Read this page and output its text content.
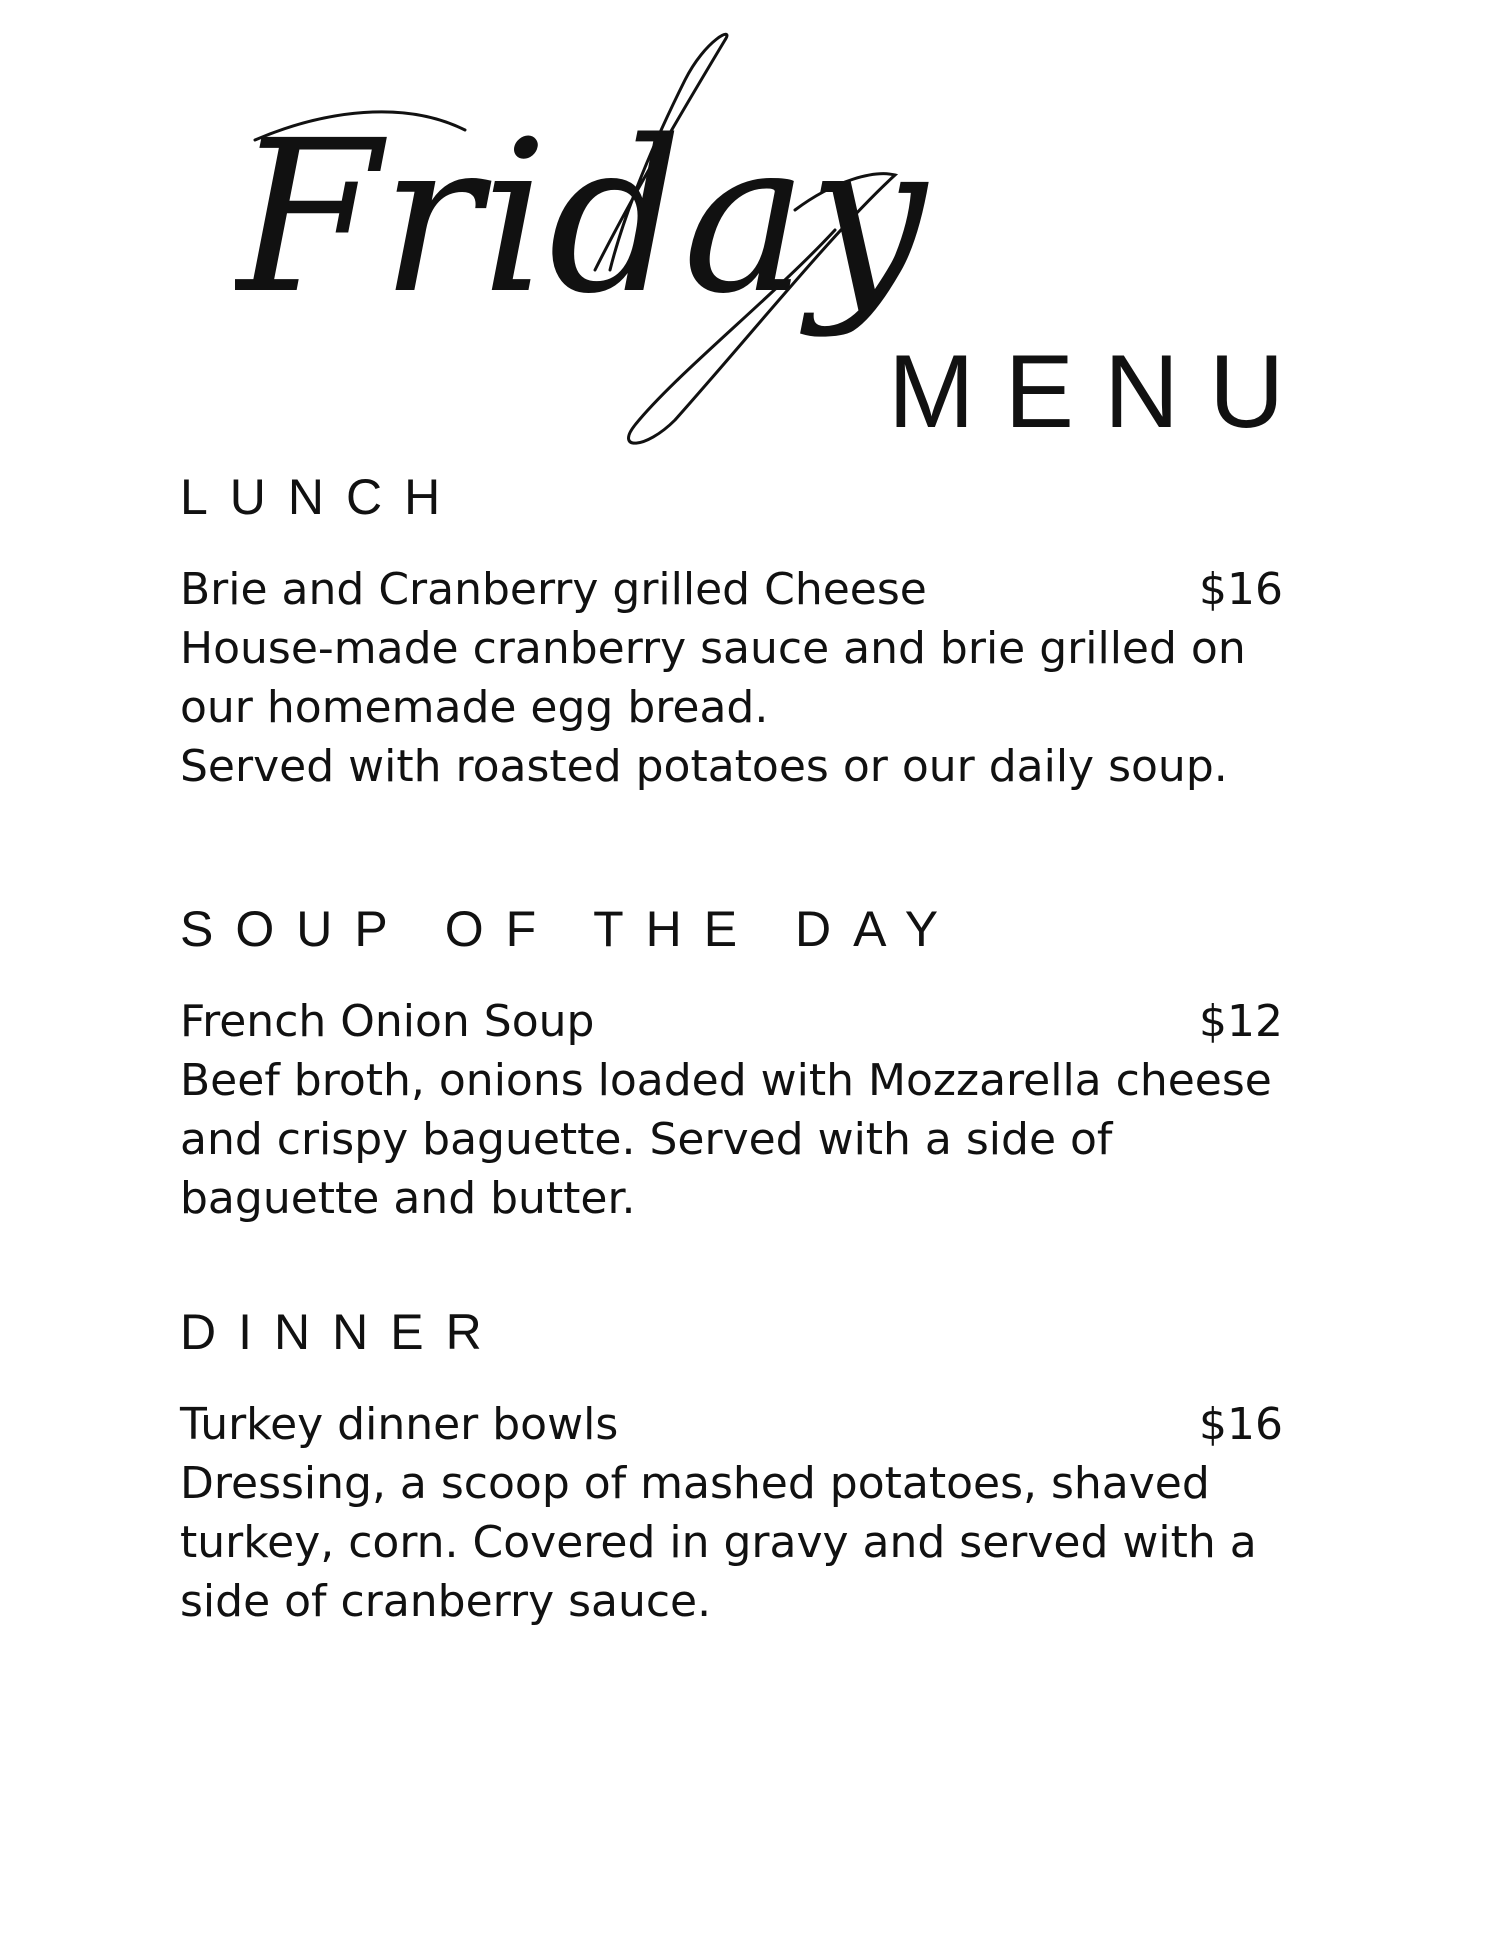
Friday
MENU
LUNCH
Brie and Cranberry grilled Cheese	$16
House-made cranberry sauce and brie grilled on
our homemade egg bread.
Served with roasted potatoes or our daily soup.
SOUP OF THE DAY
French Onion Soup	$12
Beef broth, onions loaded with Mozzarella cheese
and crispy baguette. Served with a side of
baguette and butter.
DINNER
Turkey dinner bowls	$16
Dressing, a scoop of mashed potatoes, shaved
turkey, corn. Covered in gravy and served with a
side of cranberry sauce.
